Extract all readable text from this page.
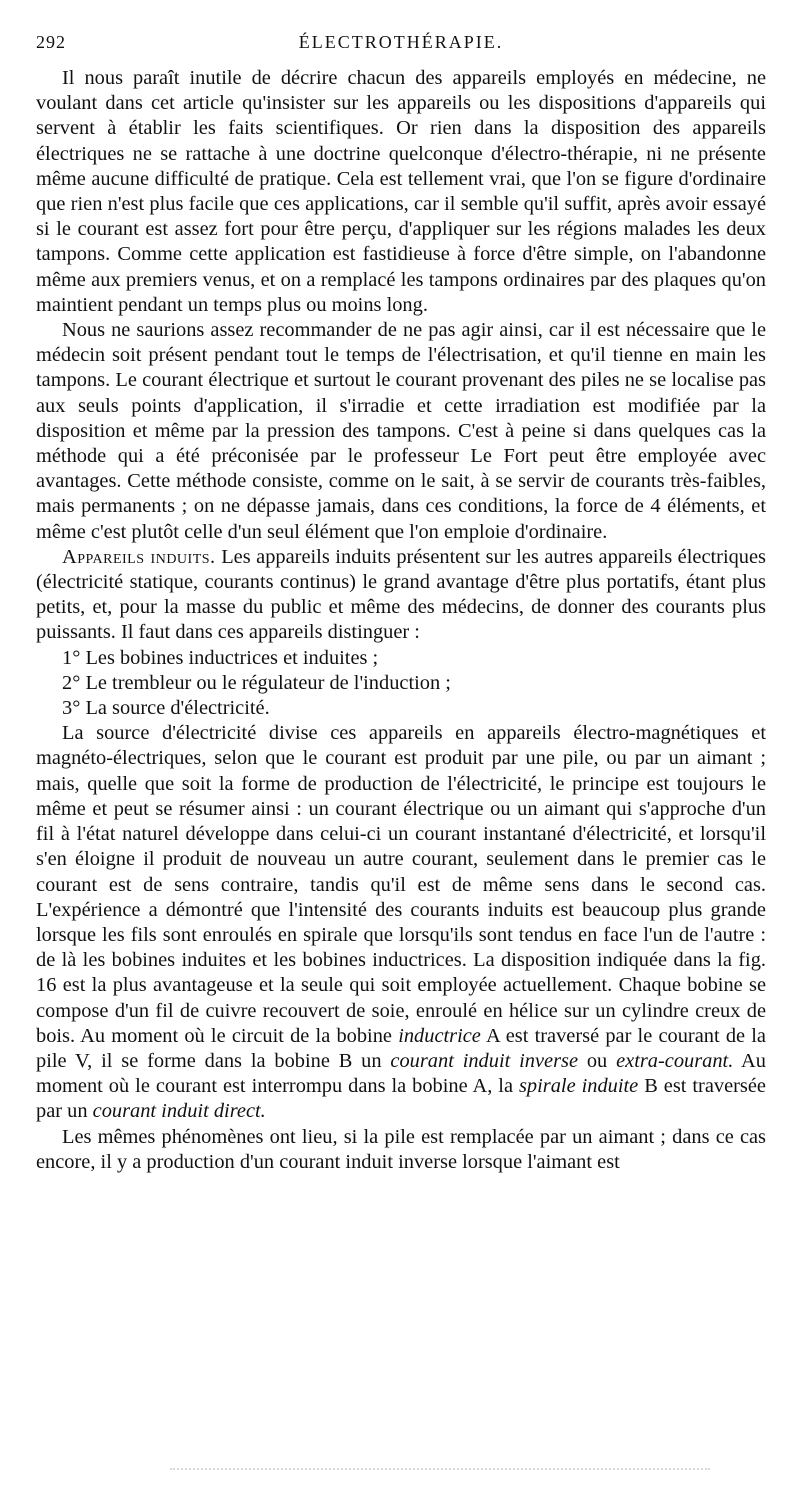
292	ÉLECTROTHÉRAPIE.

Il nous paraît inutile de décrire chacun des appareils employés en médecine, ne voulant dans cet article qu'insister sur les appareils ou les dispositions d'appareils qui servent à établir les faits scientifiques. Or rien dans la disposition des appareils électriques ne se rattache à une doctrine quelconque d'électro-thérapie, ni ne présente même aucune difficulté de pratique. Cela est tellement vrai, que l'on se figure d'ordinaire que rien n'est plus facile que ces applications, car il semble qu'il suffit, après avoir essayé si le courant est assez fort pour être perçu, d'appliquer sur les régions malades les deux tampons. Comme cette application est fastidieuse à force d'être simple, on l'abandonne même aux premiers venus, et on a remplacé les tampons ordinaires par des plaques qu'on maintient pendant un temps plus ou moins long.

Nous ne saurions assez recommander de ne pas agir ainsi, car il est nécessaire que le médecin soit présent pendant tout le temps de l'électrisation, et qu'il tienne en main les tampons. Le courant électrique et surtout le courant provenant des piles ne se localise pas aux seuls points d'application, il s'irradie et cette irradiation est modifiée par la disposition et même par la pression des tampons. C'est à peine si dans quelques cas la méthode qui a été préconisée par le professeur Le Fort peut être employée avec avantages. Cette méthode consiste, comme on le sait, à se servir de courants très-faibles, mais permanents ; on ne dépasse jamais, dans ces conditions, la force de 4 éléments, et même c'est plutôt celle d'un seul élément que l'on emploie d'ordinaire.

Appareils induits. Les appareils induits présentent sur les autres appareils électriques (électricité statique, courants continus) le grand avantage d'être plus portatifs, étant plus petits, et, pour la masse du public et même des médecins, de donner des courants plus puissants. Il faut dans ces appareils distinguer :

1° Les bobines inductrices et induites ;

2° Le trembleur ou le régulateur de l'induction ;

3° La source d'électricité.

La source d'électricité divise ces appareils en appareils électro-magnétiques et magnéto-électriques, selon que le courant est produit par une pile, ou par un aimant ; mais, quelle que soit la forme de production de l'électricité, le principe est toujours le même et peut se résumer ainsi : un courant électrique ou un aimant qui s'approche d'un fil à l'état naturel développe dans celui-ci un courant instantané d'électricité, et lorsqu'il s'en éloigne il produit de nouveau un autre courant, seulement dans le premier cas le courant est de sens contraire, tandis qu'il est de même sens dans le second cas. L'expérience a démontré que l'intensité des courants induits est beaucoup plus grande lorsque les fils sont enroulés en spirale que lorsqu'ils sont tendus en face l'un de l'autre : de là les bobines induites et les bobines inductrices. La disposition indiquée dans la fig. 16 est la plus avantageuse et la seule qui soit employée actuellement. Chaque bobine se compose d'un fil de cuivre recouvert de soie, enroulé en hélice sur un cylindre creux de bois. Au moment où le circuit de la bobine inductrice A est traversé par le courant de la pile V, il se forme dans la bobine B un courant induit inverse ou extra-courant. Au moment où le courant est interrompu dans la bobine A, la spirale induite B est traversée par un courant induit direct.

Les mêmes phénomènes ont lieu, si la pile est remplacée par un aimant ; dans ce cas encore, il y a production d'un courant induit inverse lorsque l'aimant est
